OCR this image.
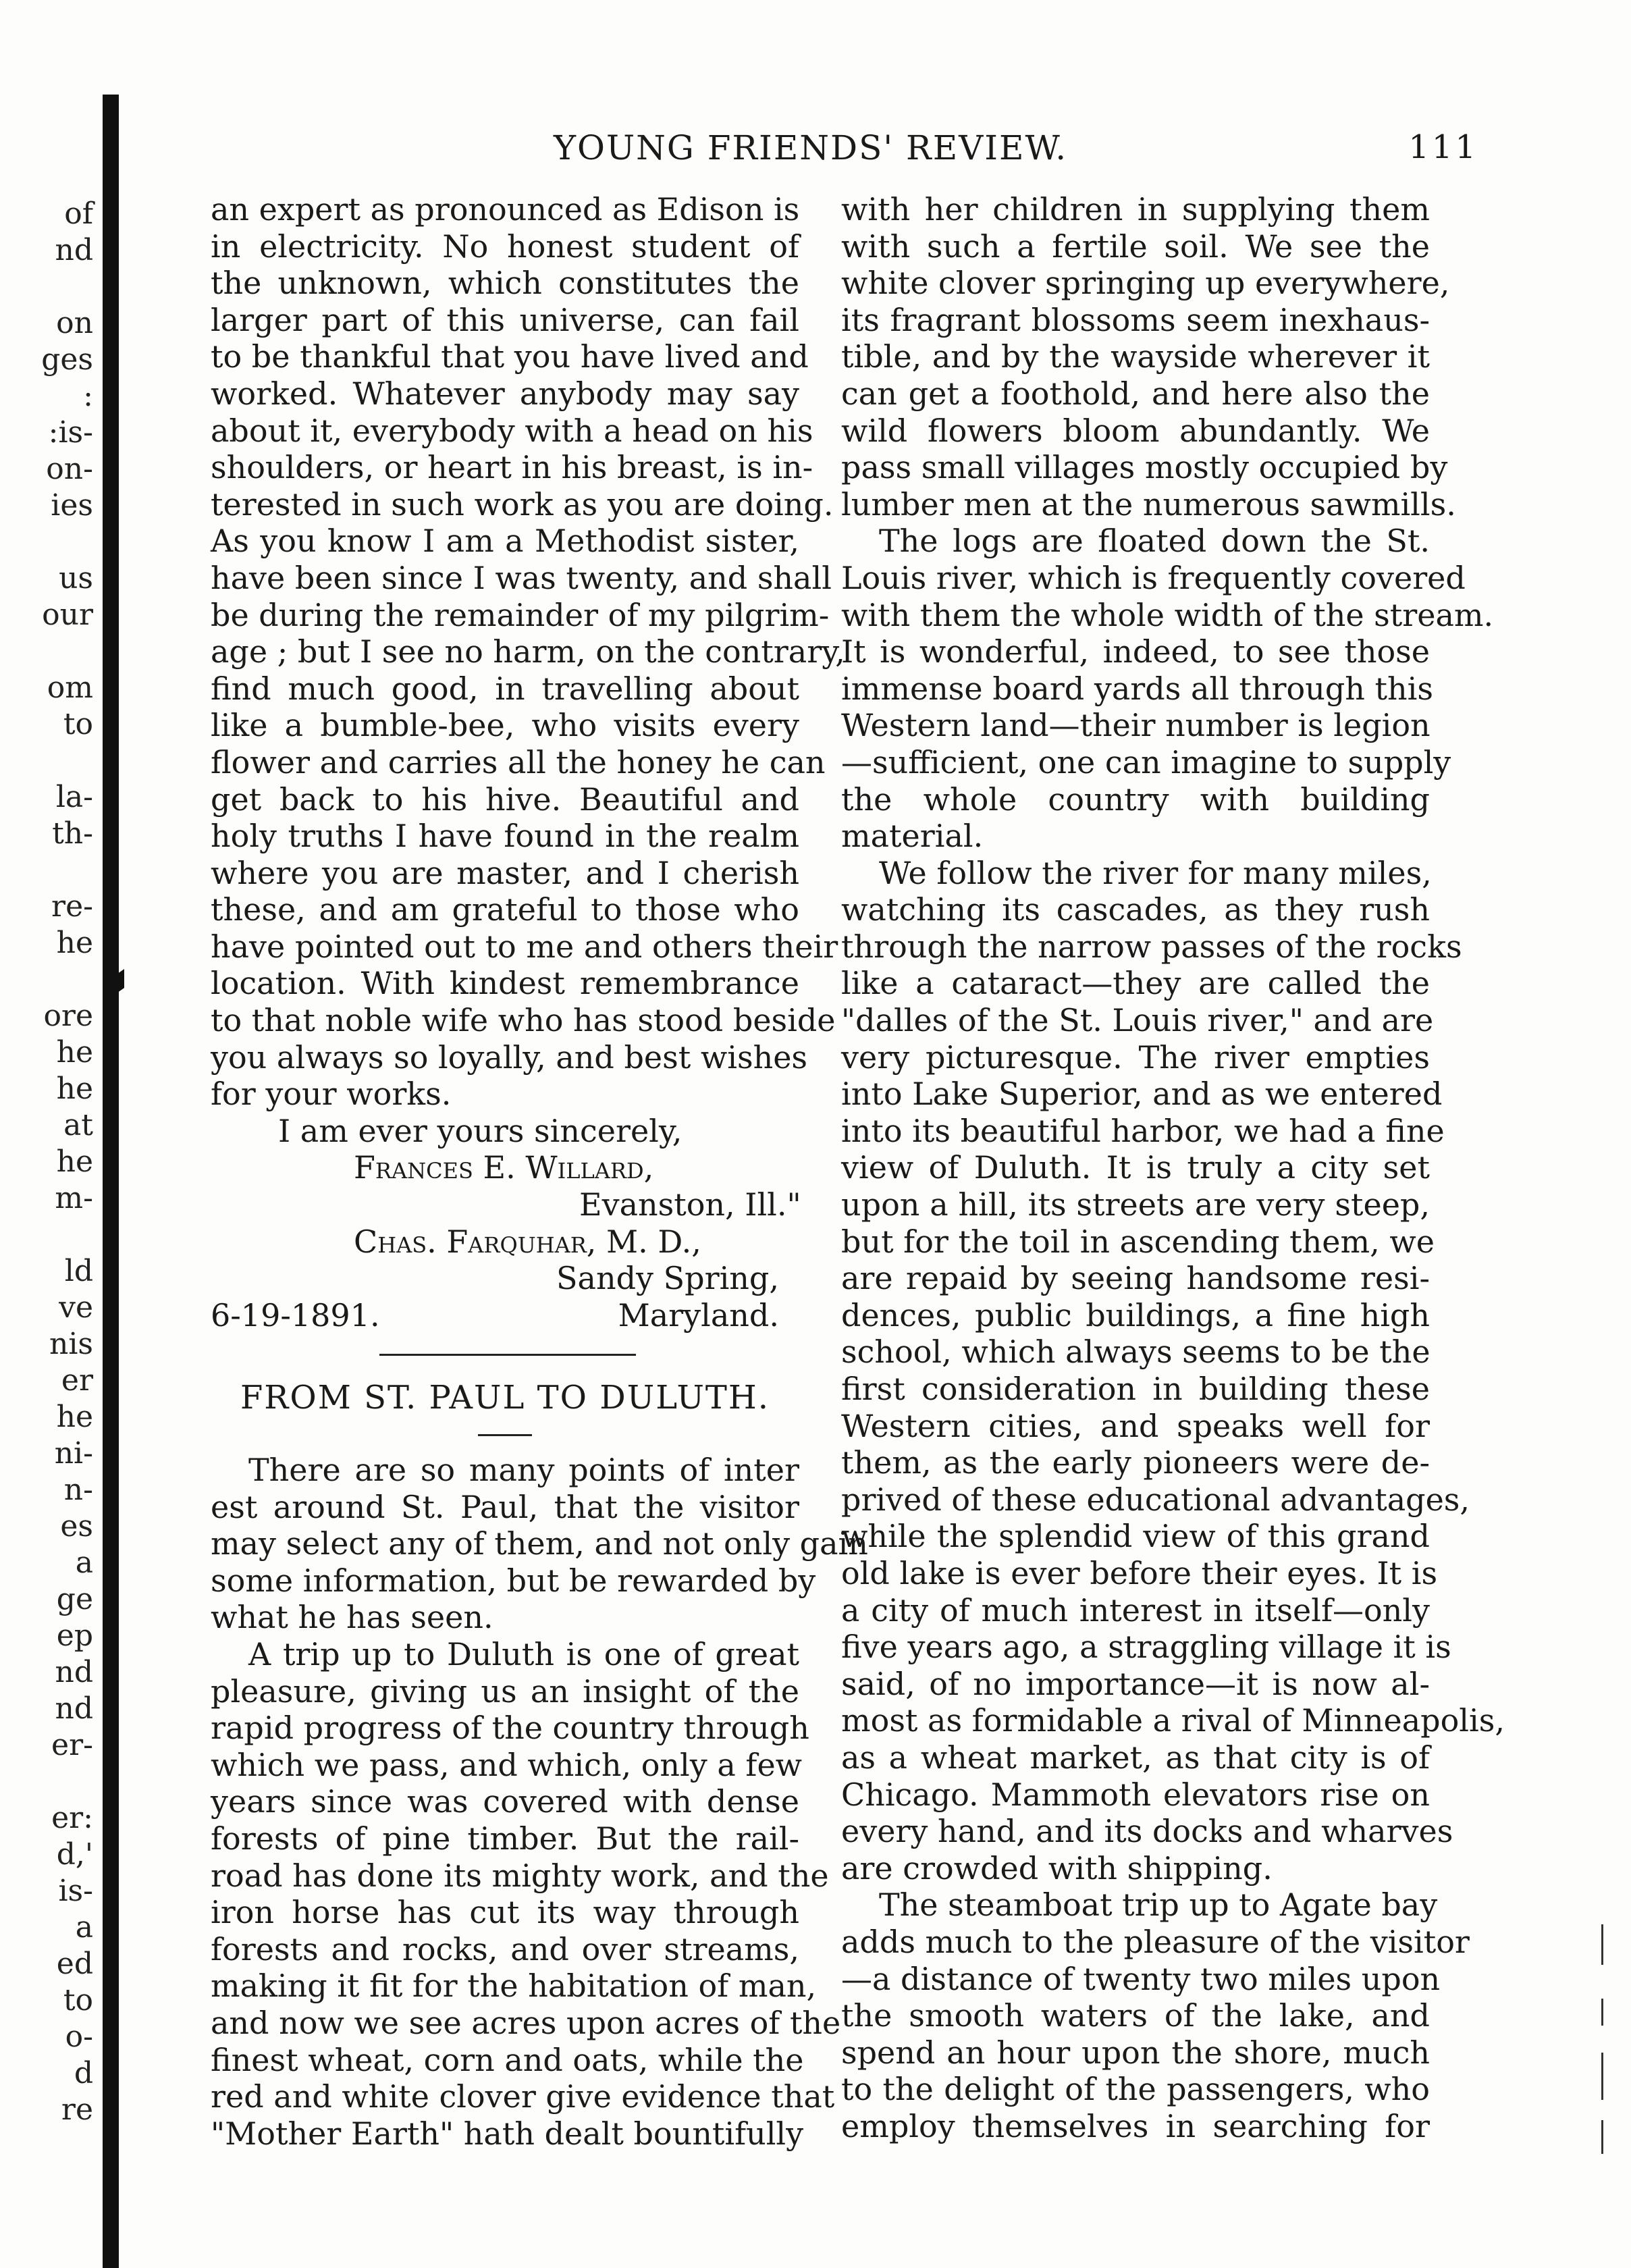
of
nd
on
ges
:
:is-
on-
ies
us
our
om
to
la-
th-
re-
he
ore
he
he
at
he
m-
ld
ve
nis
er
he
ni-
n-
es
a
ge
ep
nd
nd
er-
er:
d,'
is-
a
ed
to
o-
d
re
YOUNG FRIENDS' REVIEW.	111
an expert as pronounced as Edison is
in electricity. No honest student of
the unknown, which constitutes the
larger part of this universe, can fail
to be thankful that you have lived and
worked. Whatever anybody may say
about it, everybody with a head on his
shoulders, or heart in his breast, is in-
terested in such work as you are doing.
As you know I am a Methodist sister,
have been since I was twenty, and shall
be during the remainder of my pilgrim-
age ; but I see no harm, on the contrary,
find much good, in travelling about
like a bumble-bee, who visits every
flower and carries all the honey he can
get back to his hive. Beautiful and
holy truths I have found in the realm
where you are master, and I cherish
these, and am grateful to those who
have pointed out to me and others their
location. With kindest remembrance
to that noble wife who has stood beside
you always so loyally, and best wishes
for your works.
I am ever yours sincerely,
Frances E. Willard,
Evanston, Ill."
Chas. Farquhar, M. D.,
Sandy Spring,
6-19-1891.	Maryland.
FROM ST. PAUL TO DULUTH.
There are so many points of inter
est around St. Paul, that the visitor
may select any of them, and not only gain
some information, but be rewarded by
what he has seen.
A trip up to Duluth is one of great
pleasure, giving us an insight of the
rapid progress of the country through
which we pass, and which, only a few
years since was covered with dense
forests of pine timber. But the rail-
road has done its mighty work, and the
iron horse has cut its way through
forests and rocks, and over streams,
making it fit for the habitation of man,
and now we see acres upon acres of the
finest wheat, corn and oats, while the
red and white clover give evidence that
"Mother Earth" hath dealt bountifully
with her children in supplying them
with such a fertile soil. We see the
white clover springing up everywhere,
its fragrant blossoms seem inexhaus-
tible, and by the wayside wherever it
can get a foothold, and here also the
wild flowers bloom abundantly. We
pass small villages mostly occupied by
lumber men at the numerous sawmills.
The logs are floated down the St.
Louis river, which is frequently covered
with them the whole width of the stream.
It is wonderful, indeed, to see those
immense board yards all through this
Western land—their number is legion
—sufficient, one can imagine to supply
the whole country with building
material.
We follow the river for many miles,
watching its cascades, as they rush
through the narrow passes of the rocks
like a cataract—they are called the
"dalles of the St. Louis river," and are
very picturesque. The river empties
into Lake Superior, and as we entered
into its beautiful harbor, we had a fine
view of Duluth. It is truly a city set
upon a hill, its streets are very steep,
but for the toil in ascending them, we
are repaid by seeing handsome resi-
dences, public buildings, a fine high
school, which always seems to be the
first consideration in building these
Western cities, and speaks well for
them, as the early pioneers were de-
prived of these educational advantages,
while the splendid view of this grand
old lake is ever before their eyes. It is
a city of much interest in itself—only
five years ago, a straggling village it is
said, of no importance—it is now al-
most as formidable a rival of Minneapolis,
as a wheat market, as that city is of
Chicago. Mammoth elevators rise on
every hand, and its docks and wharves
are crowded with shipping.
The steamboat trip up to Agate bay
adds much to the pleasure of the visitor
—a distance of twenty two miles upon
the smooth waters of the lake, and
spend an hour upon the shore, much
to the delight of the passengers, who
employ themselves in searching for
